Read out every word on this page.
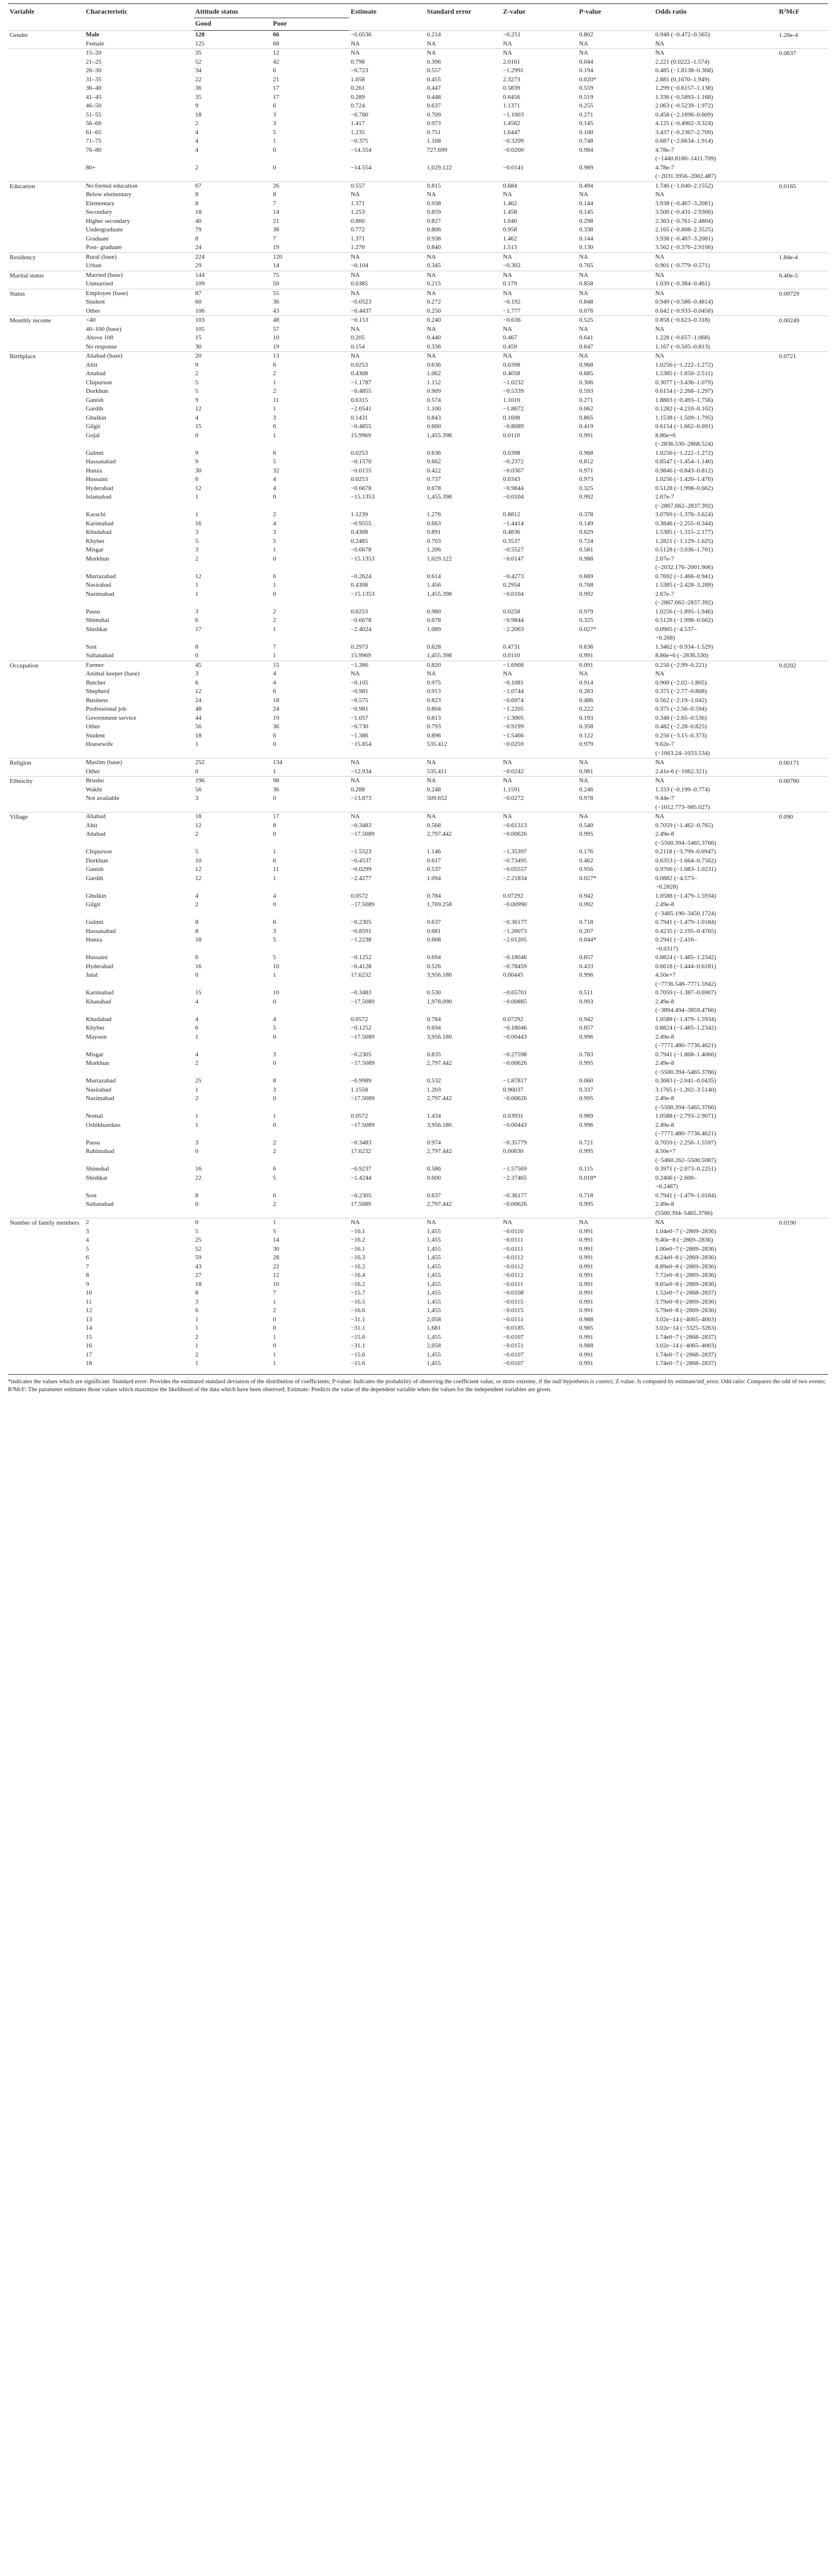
Variable	Characteristic	Attitude status		Estimate	Standard error	Z-value	P-value	Odds ratio	R²McF
		Good	Poor						
Gender	Male	128	66	−0.0536	0.214	−0.251	0.802	0.948 (−0.472–0.565)	1.26e-4
	Female	125	68	NA	NA	NA	NA	NA	

	15–20	35	12	NA	NA	NA	NA	NA	0.0637
	21–25	52	42	0.798	0.396	2.0161	0.044	2.221 (0.0222–1.574)	

	26–30	34	6	−0.723	0.557	−1.2991	0.194	0.485 (−1.8138–0.368)	

	31–35	22	21	1.058	0.455	2.3273	0.020*	2.881 (0.1670–1.949)	

	36–40	36	17	0.261	0.447	0.5839	0.559	1.299 (−0.6157–1.138)	

	41–45	35	17	0.289	0.448	0.6456	0.519	1.336 (−0.5893–1.168)	

	46–50	9	6	0.724	0.637	1.1371	0.255	2.063 (−0.5239–1.972)	

	51–55	18	3	−0.780	0.709	−1.1003	0.271	0.458 (−2.1696–0.609)	

	56–60	2	3	1.417	0.973	1.4562	0.145	4.125 (−0.4902–3.324)	

	61–65	4	5	1.235	0.751	1.6447	0.100	3.437 (−0.2367–2.709)	

	71–75	4	1	−0.375	1.168	−0.3209	0.748	0.687 (−2.6634–1.914)	

	76–80	4	0	−14.554	727.699	−0.0200	0.984	4.78e-7
(−1440.8180–1411.709)	

	80+	2	0	−14.554	1,029.122	−0.0141	0.989	4.78e-7
(−2031.3956–2002.487)	

Education	No formal education	67	26	0.557	0.815	0.684	0.494	1.746 (−1.040–2.1552)	0.0165
	Below elementary	8	8	NA	NA	NA	NA	NA	

	Elementary	8	7	1.371	0.938	1.462	0.144	3.938 (−0.467–3.2081)	

	Secondary	18	14	1.253	0.859	1.458	0.145	3.500 (−0.431–2.9366)	

	Higher secondary	40	21	0.860	0.827	1.040	0.298	2.363 (−0.761–2.4804)	

	Undergraduate	79	38	0.772	0.806	0.958	0.338	2.165 (−0.808–2.3525)	

	Graduate	8	7	1.371	0.938	1.462	0.144	3.938 (−0.467–3.2081)	

	Post- graduate	24	19	1.270	0.840	1.513	0.130	3.562 (−0.376–2.9166)	

Residency	Rural (base)	224	120	NA	NA	NA	NA	NA	1.84e-4
	Urban	29	14	−0.104	0.345	−0.302	0.765	0.901 (−0.779–0.571)	

Marital status	Married (base)	144	75	NA	NA	NA	NA	NA	6.40e-5
	Unmarried	109	59	0.0385	0.215	0.179	0.858	1.039 (−0.384–0.461)	

Status	Employee (base)	87	55	NA	NA	NA	NA	NA	0.00729
	Student	60	36	−0.0523	0.272	−0.192	0.848	0.949 (−0.586–0.4814)	

	Other	106	43	−0.4437	0.250	−1.777	0.076	0.642 (−0.933–0.0458)	

Monthly income	<40	103	48	−0.153	0.240	−0.636	0.525	0.858 (−0.623–0.318)	0.00249
	40–100 (base)	105	57	NA	NA	NA	NA	NA	

	Above 100	15	10	0.205	0.440	0.467	0.641	1.228 (−0.657–1.068)	

	No response	30	19	0.154	0.336	0.459	0.647	1.167 (−0.505–0.813)	

Birthplace	Aliabad (base)	20	13	NA	NA	NA	NA	NA	0.0721
	Altit	9	6	0.0253	0.636	0.0398	0.968	1.0256 (−1.222–1.272)	

	Attabad	2	2	0.4308	1.062	0.4058	0.685	1.5385 (−1.650–2.511)	

	Chipurson	5	1	−1.1787	1.152	−1.0232	0.306	0.3077 (−3.436–1.079)	

	Dorkhun	5	2	−0.4855	0.909	−0.5339	0.593	0.6154 (−2.268–1.297)	

	Ganish	9	11	0.6315	0.574	1.1010	0.271	1.8803 (−0.493–1.756)	

	Gardih	12	1	−2.0541	1.100	−1.8672	0.062	0.1282 (−4.210–0.102)	

	Ghulkin	4	3	0.1431	0.843	0.1698	0.865	1.1538 (−1.509–1.795)	

	Gilgit	15	6	−0.4855	0.600	−0.8089	0.419	0.6154 (−1.662–0.691)	

	Gojal	0	1	15.9969	1,455.398	0.0110	0.991	8.86e+6
(−2836.530–2868.524)	

	Gulmit	9	6	0.0253	0.636	0.0398	0.968	1.0256 (−1.222–1.272)	

	Hassanabad	9	5	−0.1570	0.662	−0.2372	0.812	0.8547 (−1.454–1.140)	

	Hunza	30	32	−0.0155	0.422	−0.0367	0.971	0.9846 (−0.843–0.812)	

	Hussaini	6	4	0.0253	0.737	0.0343	0.973	1.0256 (−1.420–1.470)	

	Hyderabad	12	4	−0.6678	0.678	−0.9844	0.325	0.5128 (−1.998–0.662)	

	Islamabad	1	0	−15.1353	1,455.398	−0.0104	0.992	2.67e-7
(−2867.662–2837.392)	

	Karachi	1	2	1.1239	1.276	0.8812	0.378	3.0769 (−1.376–3.624)	

	Karimabad	16	4	−0.9555	0.663	−1.4414	0.149	0.3846 (−2.255–0.344)	

	Khudabad	3	3	0.4308	0.891	0.4836	0.629	1.5385 (−1.315–2.177)	

	Khyber	5	5	0.2485	0.703	0.3537	0.724	1.2821 (−1.129–1.625)	

	Misgar	3	1	−0.6678	1.206	−0.5527	0.581	0.5128 (−3.036–1.701)	

	Morkhun	2	0	−15.1353	1,029.122	−0.0147	0.988	2.67e-7
(−2032.176–2001.906)	

	Murtazabad	12	6	−0.2624	0.614	−0.4273	0.669	0.7692 (−1.466–0.941)	

	Nasirabad	1	1	0.4308	1.456	0.2954	0.768	1.5385 (−2.428–3.289)	

	Nazimabad	1	0	−15.1353	1,455.398	−0.0104	0.992	2.67e-7
(−2867.662–2837.392)	

	Passu	3	2	0.0253	0.980	0.0258	0.979	1.0256 (−1.895–1.946)	

	Shimshal	6	2	−0.6678	0.678	−0.9844	0.325	0.5128 (−1.998–0.662)	

	Shishkat	17	1	−2.4024	1.089	−2.2063	0.027*	0.0905 (−4.537–
−0.268)	

	Sost	8	7	0.2973	0.628	0.4731	0.636	1.3462 (−0.934–1.529)	

	Sultanabad	0	1	15.9969	1,455.398	0.0110	0.991	8.86e+6 (−2836.530)	

Occupation	Farmer	45	15	−1.386	0.820	−1.6908	0.091	0.250 (−2.99–0.221)	0.0202
	Animal keeper (base)	3	4	NA	NA	NA	NA	NA	

	Butcher	6	4	−0.105	0.975	−0.1081	0.914	0.900 (−2.02–1.805)	

	Shepherd	12	6	−0.981	0.913	−1.0744	0.283	0.375 (−2.77–0.808)	

	Business	24	18	−0.575	0.823	−0.6974	0.486	0.562 (−2.19–1.042)	

	Professional job	48	24	−0.981	0.804	−1.2205	0.222	0.375 (−2.56–0.594)	

	Government service	44	19	−1.057	0.813	−1.3005	0.193	0.348 (−2.65–0.536)	

	Other	56	36	−0.730	0.793	−0.9199	0.358	0.482 (−2.28–0.825)	

	Student	18	6	−1.386	0.896	−1.5466	0.122	0.250 (−3.15–0.373)	

	Housewife	1	0	−15.854	535.412	−0.0259	0.979	9.62e-7
(−1063.24–1033.534)	

Religion	Muslim (base)	252	134	NA	NA	NA	NA	NA	0.00171
	Other	0	1	−12.934	535.411	−0.0242	0.981	2.41e-6 (−1062.321)	

Ethnicity	Brusho	196	98	NA	NA	NA	NA	NA	0.00780
	Wakhi	56	36	0.288	0.248	1.1591	0.246	1.333 (−0.199–0.774)	

	Not available	3	0	−13.873	509.652	−0.0272	0.978	9.44e-7
(−1012.773–985.027)	

Village	Aliabad	18	17	NA	NA	NA	NA	NA	0.090
	Altit	12	8	−0.3483	0.568	−0.61313	0.540	0.7059 (−1.462–0.765)	

	Attabad	2	0	−17.5089	2,797.442	−0.00626	0.995	2.49e-8
(−5500.394–5465.3766)	

	Chipurson	5	1	−1.5523	1.146	−1.35397	0.176	0.2118 (−3.799–0.6947)	

	Dorkhun	10	6	−0.4537	0.617	−0.73495	0.462	0.6353 (−1.664–0.7562)	

	Ganish	12	11	−0.0299	0.537	−0.05557	0.956	0.9706 (−1.083–1.0231)	

	Gardih	12	1	−2.4277	1.094	−2.21834	0.027*	0.0882 (−4.573–
−0.2828)	

	Ghulkin	4	4	0.0572	0.784	0.07292	0.942	1.0588 (−1.479–1.5934)	

	Gilgit	2	0	−17.5089	1,769.258	−0.00990	0.992	2.49e-8
(−3485.190–3450.1724)	

	Gulmit	8	6	−0.2305	0.637	−0.36177	0.718	0.7941 (−1.479–1.0184)	

	Hassanabad	8	3	−0.8591	0.681	−1.26073	0.207	0.4235 (−2.195–0.4765)	

	Hunza	18	5	−1.2238	0.608	−2.01205	0.044*	0.2941 (−2.416–
−0.0317)	

	Hussaini	6	5	−0.1252	0.694	−0.18046	0.857	0.8824 (−1.485–1.2342)	

	Hyderabad	16	10	−0.4128	0.526	−0.78459	0.433	0.6618 (−1.444–0.6181)	

	Jutal	0	1	17.6232	3,956.180	0.00445	0.996	4.50e+7
(−7736.548–7771.5942)	

	Karimabad	15	10	−0.3483	0.530	−0.65701	0.511	0.7059 (−1.387–0.6907)	

	Khanabad	4	0	−17.5089	1,978.090	−0.00885	0.993	2.49e-8
(−3894.494–3859.4766)	

	Khudabad	4	4	0.0572	0.784	0.07292	0.942	1.0588 (−1.479–1.5934)	

	Khyber	6	5	−0.1252	0.694	−0.18046	0.857	0.8824 (−1.485–1.2342)	

	Mayoon	1	0	−17.5089	3,956.180	−0.00443	0.996	2.49e-8
(−7771.480–7736.4621)	

	Misgar	4	3	−0.2305	0.835	−0.27598	0.783	0.7941 (−1.868–1.4066)	

	Morkhun	2	0	−17.5089	2,797.442	−0.00626	0.995	2.49e-8
(−5500.394–5465.3766)	

	Murtazabad	25	8	−0.9989	0.532	−1.87817	0.060	0.3683 (−2.041–0.0435)	

	Nasirabad	1	3	1.1558	1.203	0.96037	0.337	3.1765 (−1.202–3.5140)	

	Nazimabad	2	0	−17.5089	2,797.442	−0.00626	0.995	2.49e-8
(−5500.394–5465.3766)	

	Nomal	1	1	0.0572	1.434	0.03931	0.969	1.0588 (−2.793–2.9071)	

	Oshikhandass	1	0	−17.5089	3,956.180	−0.00443	0.996	2.49e-8
(−7771.480–7736.4621)	

	Passu	3	2	−0.3483	0.974	−0.35779	0.721	0.7059 (−2.256–1.5597)	

	Rahimabad	0	2	17.6232	2,797.442	0.00630	0.995	4.50e+7
(−5460.262–5500.5087)	

	Shimshal	16	6	−0.9237	0.586	−1.57569	0.115	0.3971 (−2.073–0.2251)	

	Shishkat	22	5	−1.4244	0.600	−2.37465	0.018*	0.2406 (−2.600–
−0.2487)	

	Sost	8	6	−0.2305	0.637	−0.36177	0.718	0.7941 (−1.479–1.0184)	

	Sultanabad	0	2	17.5089	2,797.442	−0.00626	0.995	2.49e-8
(5500.394–5465.3766)	

Number of family members	2	0	1	NA	NA	NA	NA	NA	0.0190
	3	5	5	−16.1	1,455	−0.0110	0.991	1.04e0−7 (−2869–2836)	

	4	25	14	−16.2	1,455	−0.0111	0.991	9.40e−8 (−2869–2836)	

	5	52	30	−16.1	1,455	−0.0111	0.991	1.00e0−7 (−2869–2836)	

	6	59	28	−16.3	1,455	−0.0112	0.991	8.24e0−8 (−2869–2836)	

	7	43	22	−16.2	1,455	−0.0112	0.991	8.89e0−8 (−2869–2836)	

	8	27	12	−16.4	1,455	−0.0112	0.991	7.72e0−8 (−2869–2836)	

	9	18	10	−16.2	1,455	−0.0111	0.991	9.65e0−8 (−2869–2836)	

	10	8	7	−15.7	1,455	−0.0108	0.991	1.52e0−7 (−2868–2837)	

	11	3	1	−16.5	1,455	−0.0115	0.991	3.79e0−8 (−2869–2836)	

	12	6	2	−16.6	1,455	−0.0115	0.991	5.79e0−8 (−2869–2836)	

	13	1	0	−31.1	2,058	−0.0151	0.988	3.02e−14 (−4065–4003)	

	14	1	0	−31.1	1,681	−0.0185	0.985	3.02e−14 (−3325–3263)	

	15	2	1	−15.6	1,455	−0.0107	0.991	1.74e0−7 (−2868–2837)	

	16	1	0	−31.1	2,058	−0.0151	0.988	3.02e−14 (−4065–4003)	

	17	2	1	−15.6	1,455	−0.0107	0.991	1.74e0−7 (−2868–2837)	

	18	1	1	−15.6	1,455	−0.0107	0.991	1.74e0−7 (−2868–2837)	

*indicates the values which are significant. Standard error: Provides the estimated standard deviation of the distribution of coefficients; P-value: Indicates the probability of observing the coefficient value, or more extreme, if the null hypothesis is correct; Z-value: Is computed by estimate/std_error. Odd ratio: Compares the odd of two events; R²McF: The parameter estimates those values which maximize the likelihood of the data which have been observed; Estimate: Predicts the value of the dependent variable when the values for the independent variables are given.
